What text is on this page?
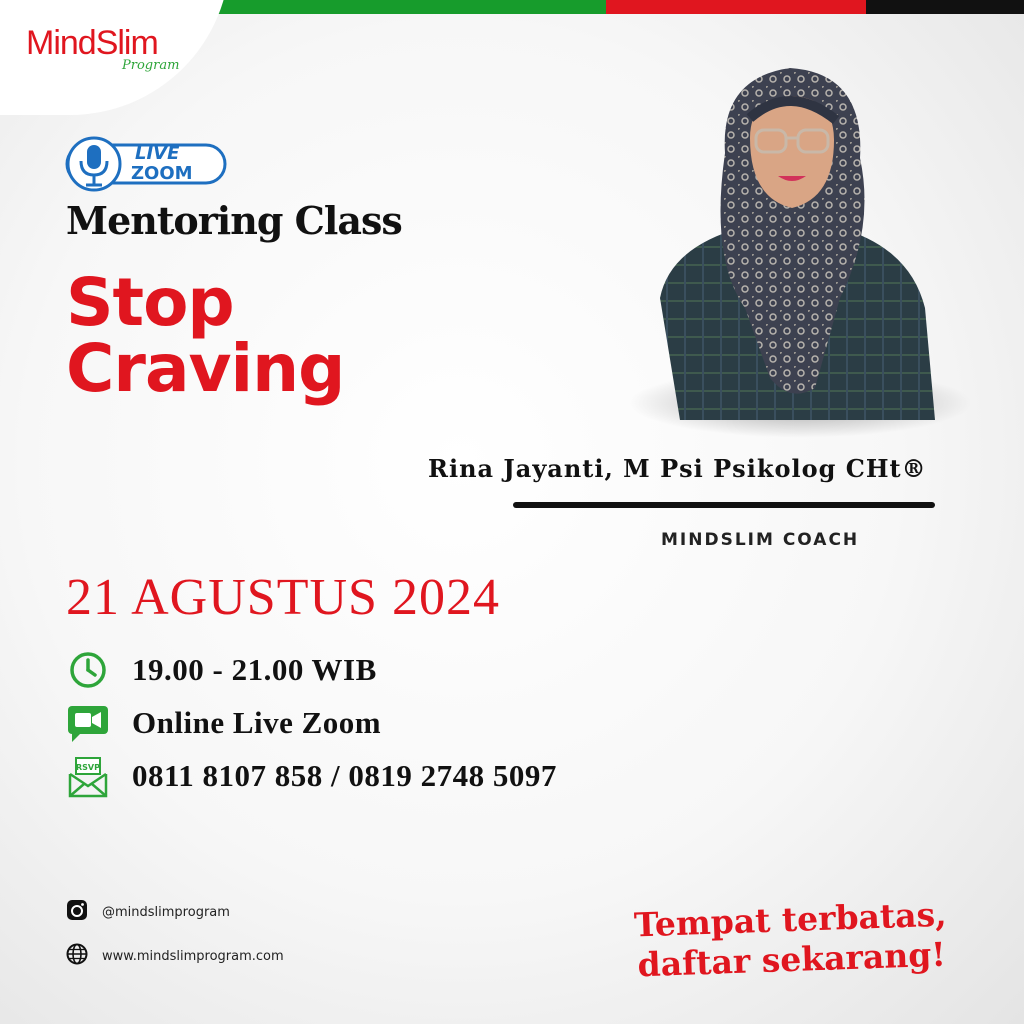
MindSlim
Program
LIVE
ZOOM
Mentoring Class
Stop
Craving
Rina Jayanti, M Psi Psikolog CHt®
MINDSLIM COACH
21 AGUSTUS 2024
19.00 - 21.00 WIB
Online Live Zoom
RSVP 0811 8107 858 / 0819 2748 5097
@mindslimprogram
www.mindslimprogram.com
Tempat terbatas,
daftar sekarang!
